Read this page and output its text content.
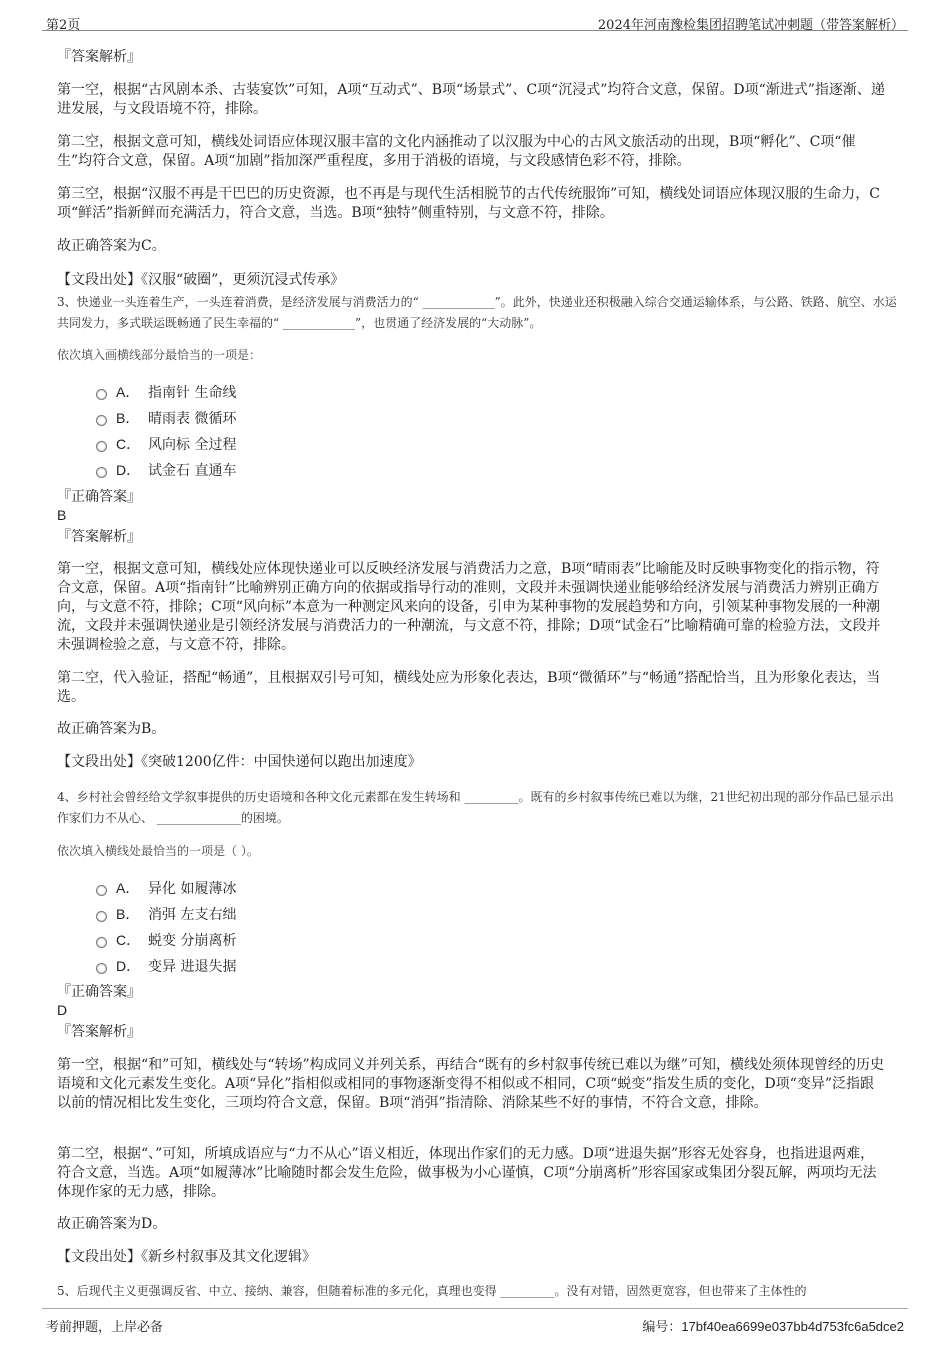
第2页	2024年河南豫检集团招聘笔试冲刺题（带答案解析）

『答案解析』

第一空，根据“古风剧本杀、古装宴饮”可知，A项“互动式”、B项“场景式”、C项“沉浸式”均符合文意，保留。D项“渐进式”指逐渐、递进发展，与文段语境不符，排除。

第二空，根据文意可知，横线处词语应体现汉服丰富的文化内涵推动了以汉服为中心的古风文旅活动的出现，B项“孵化”、C项“催生”均符合文意，保留。A项“加剧”指加深严重程度，多用于消极的语境，与文段感情色彩不符，排除。

第三空，根据“汉服不再是干巴巴的历史资源，也不再是与现代生活相脱节的古代传统服饰”可知，横线处词语应体现汉服的生命力，C项“鲜活”指新鲜而充满活力，符合文意，当选。B项“独特”侧重特别，与文意不符，排除。

故正确答案为C。

【文段出处】《汉服“破圈”，更须沉浸式传承》

3、快递业一头连着生产，一头连着消费，是经济发展与消费活力的“ ____________”。此外，快递业还积极融入综合交通运输体系，与公路、铁路、航空、水运共同发力，多式联运既畅通了民生幸福的“ ____________”，也贯通了经济发展的“大动脉”。

依次填入画横线部分最恰当的一项是：

A． 指南针 生命线
B． 晴雨表 微循环
C． 风向标 全过程
D． 试金石 直通车

『正确答案』

B

『答案解析』

第一空，根据文意可知，横线处应体现快递业可以反映经济发展与消费活力之意，B项“晴雨表”比喻能及时反映事物变化的指示物，符合文意，保留。A项“指南针”比喻辨别正确方向的依据或指导行动的准则，文段并未强调快递业能够给经济发展与消费活力辨别正确方向，与文意不符，排除；C项“风向标”本意为一种测定风来向的设备，引申为某种事物的发展趋势和方向，引领某种事物发展的一种潮流，文段并未强调快递业是引领经济发展与消费活力的一种潮流，与文意不符，排除；D项“试金石”比喻精确可靠的检验方法，文段并未强调检验之意，与文意不符，排除。

第二空，代入验证，搭配“畅通”，且根据双引号可知，横线处应为形象化表达，B项“微循环”与“畅通”搭配恰当，且为形象化表达，当选。

故正确答案为B。

【文段出处】《突破1200亿件：中国快递何以跑出加速度》

4、乡村社会曾经给文学叙事提供的历史语境和各种文化元素都在发生转场和 _________。既有的乡村叙事传统已难以为继，21世纪初出现的部分作品已显示出作家们力不从心、 ______________的困境。

依次填入横线处最恰当的一项是（ ）。

A． 异化 如履薄冰
B． 消弭 左支右绌
C． 蜕变 分崩离析
D． 变异 进退失据

『正确答案』

D

『答案解析』

第一空，根据“和”可知，横线处与“转场”构成同义并列关系，再结合“既有的乡村叙事传统已难以为继”可知，横线处须体现曾经的历史语境和文化元素发生变化。A项“异化”指相似或相同的事物逐渐变得不相似或不相同，C项“蜕变”指发生质的变化，D项“变异”泛指跟以前的情况相比发生变化，三项均符合文意，保留。B项“消弭”指清除、消除某些不好的事情，不符合文意，排除。

第二空，根据“、”可知，所填成语应与“力不从心”语义相近，体现出作家们的无力感。D项“进退失据”形容无处容身，也指进退两难，符合文意，当选。A项“如履薄冰”比喻随时都会发生危险，做事极为小心谨慎，C项“分崩离析”形容国家或集团分裂瓦解，两项均无法体现作家的无力感，排除。

故正确答案为D。

【文段出处】《新乡村叙事及其文化逻辑》

5、后现代主义更强调反省、中立、接纳、兼容，但随着标准的多元化，真理也变得 _________。没有对错，固然更宽容，但也带来了主体性的

考前押题，上岸必备	编号：17bf40ea6699e037bb4d753fc6a5dce2
